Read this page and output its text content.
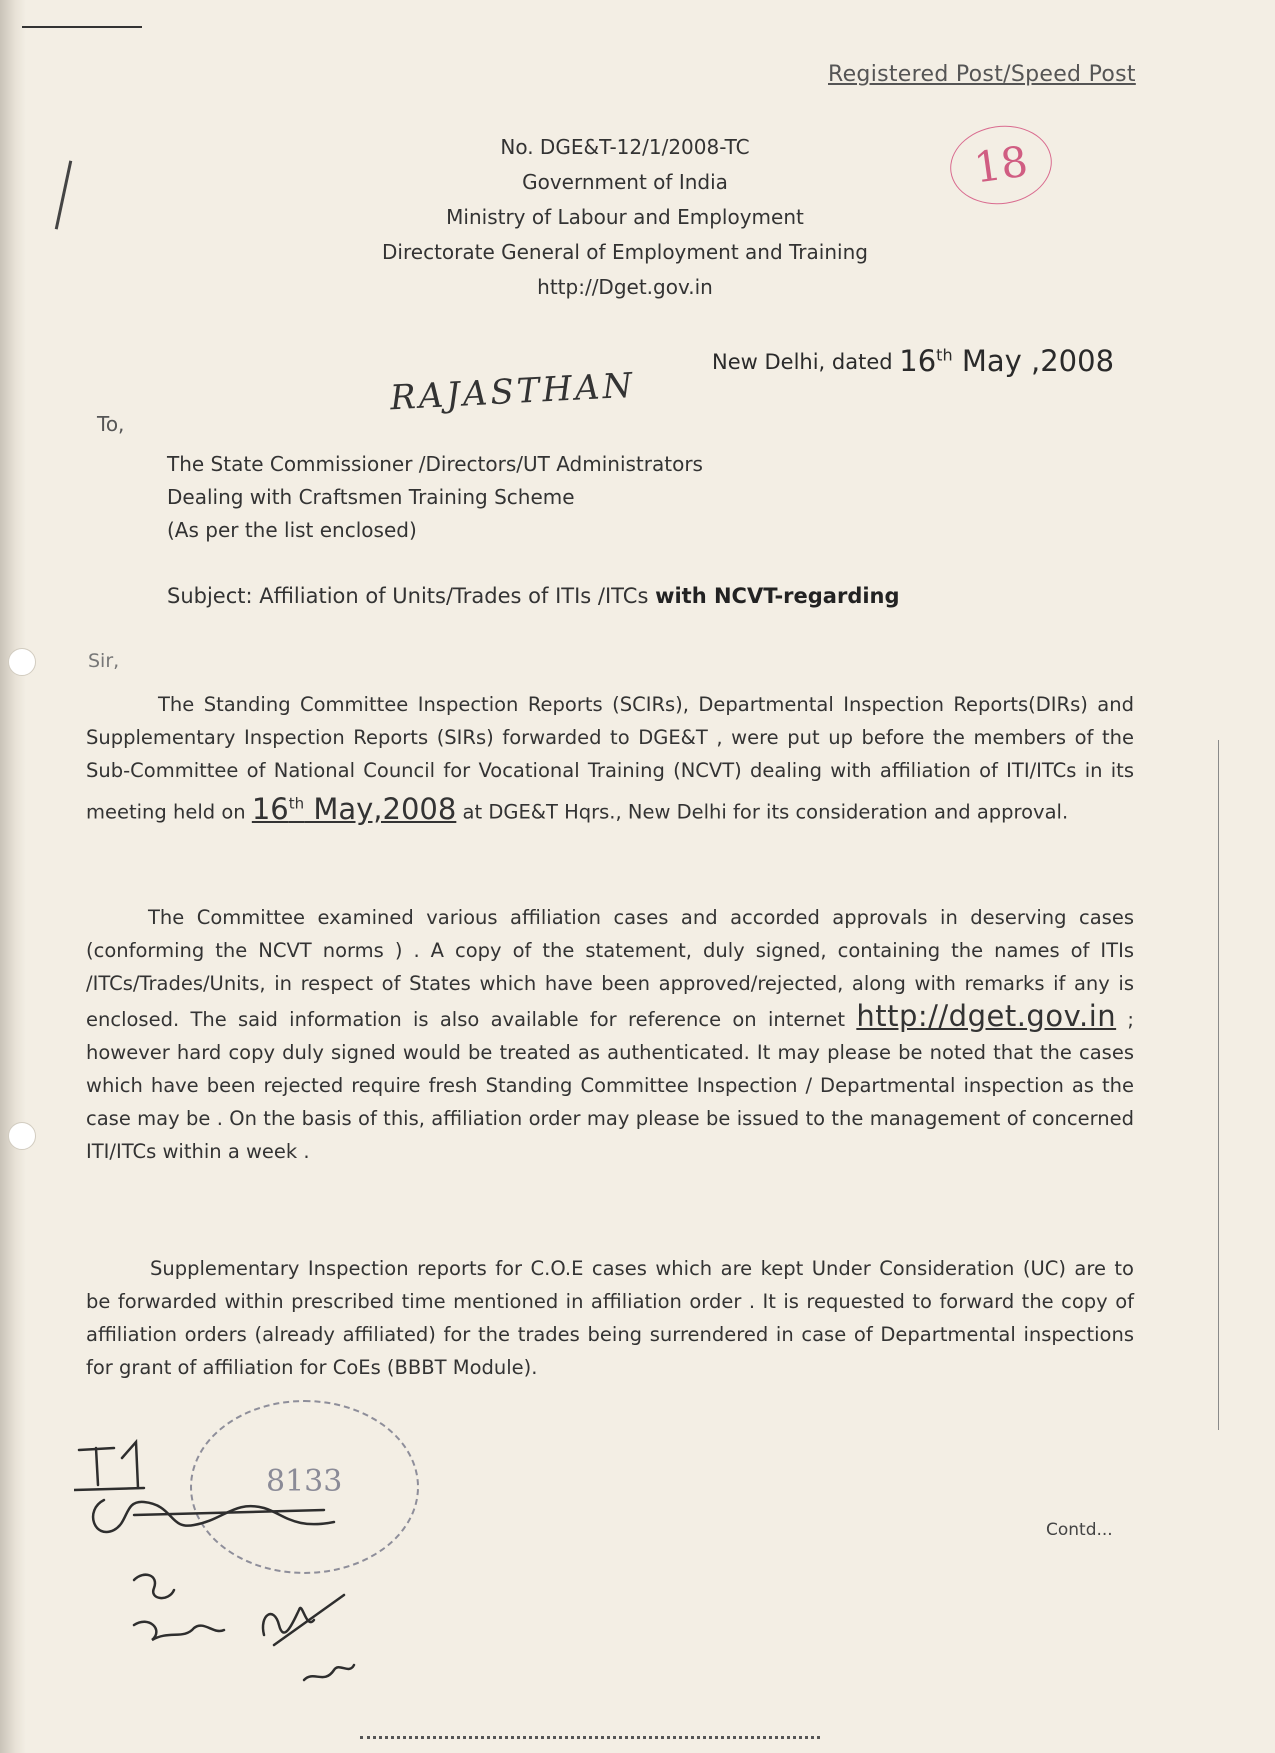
Registered Post/Speed Post
No. DGE&T-12/1/2008-TC
Government of India
Ministry of Labour and Employment
Directorate General of Employment and Training
http://Dget.gov.in
18
New Delhi, dated 16th May ,2008
To,
RAJASTHAN
The State Commissioner /Directors/UT Administrators
Dealing with Craftsmen Training Scheme
(As per the list enclosed)
Subject: Affiliation of Units/Trades of ITIs /ITCs with NCVT-regarding
Sir,
The Standing Committee Inspection Reports (SCIRs), Departmental Inspection Reports(DIRs) and Supplementary Inspection Reports (SIRs) forwarded to DGE&T , were put up before the members of the Sub-Committee of National Council for Vocational Training (NCVT) dealing with affiliation of ITI/ITCs in its meeting held on 16th May,2008 at DGE&T Hqrs., New Delhi for its consideration and approval.
The Committee examined various affiliation cases and accorded approvals in deserving cases (conforming the NCVT norms ) . A copy of the statement, duly signed, containing the names of ITIs /ITCs/Trades/Units, in respect of States which have been approved/rejected, along with remarks if any is enclosed. The said information is also available for reference on internet http://dget.gov.in ; however hard copy duly signed would be treated as authenticated. It may please be noted that the cases which have been rejected require fresh Standing Committee Inspection / Departmental inspection as the case may be . On the basis of this, affiliation order may please be issued to the management of concerned ITI/ITCs within a week .
Supplementary Inspection reports for C.O.E cases which are kept Under Consideration (UC) are to be forwarded within prescribed time mentioned in affiliation order . It is requested to forward the copy of affiliation orders (already affiliated) for the trades being surrendered in case of Departmental inspections for grant of affiliation for CoEs (BBBT Module).
8133
Contd...
